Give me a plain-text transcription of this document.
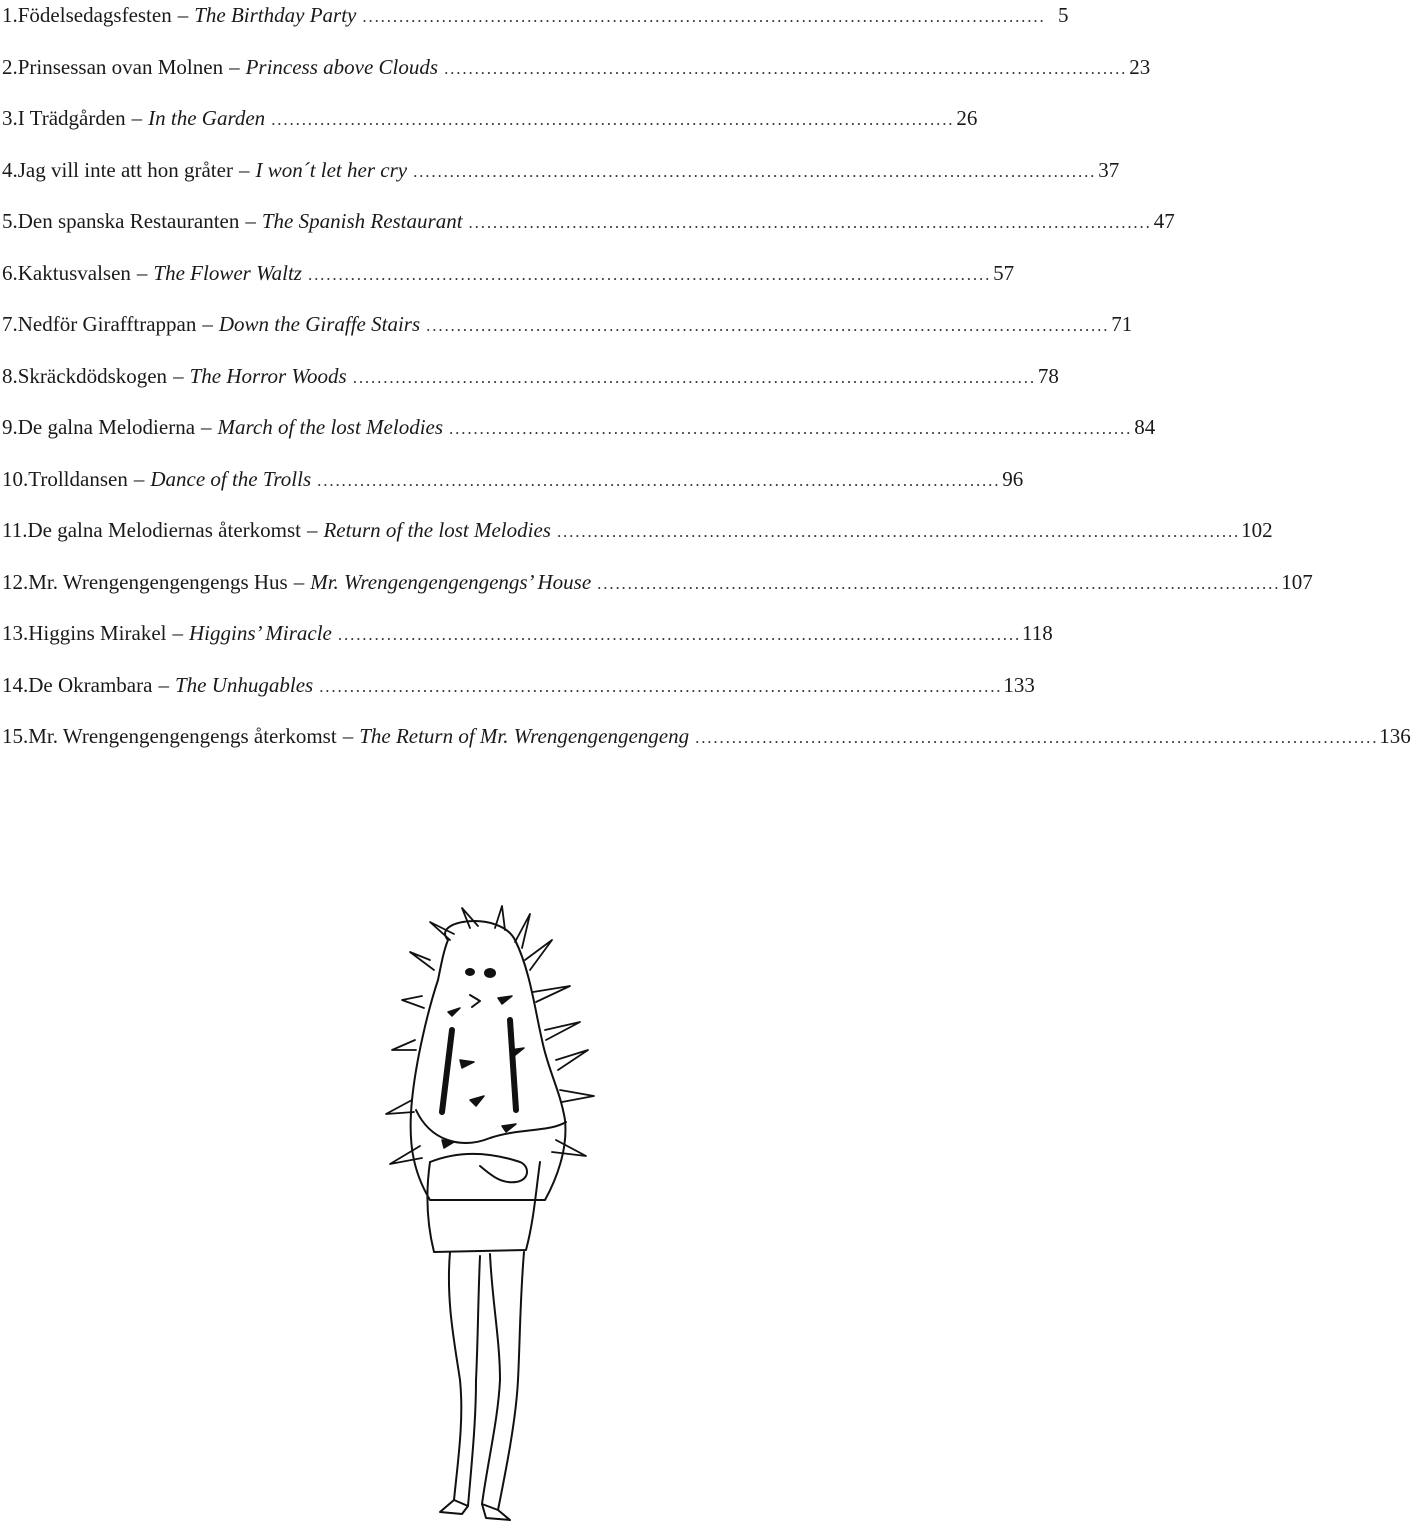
1. Födelsedagsfesten – The Birthday Party . . .	5
2. Prinsessan ovan Molnen – Princess above Clouds . . .	23
3. I Trädgården – In the Garden . . .	26
4. Jag vill inte att hon gråter – I won´t let her cry . . .	37
5. Den spanska Restauranten – The Spanish Restaurant . . .	47
6. Kaktusvalsen – The Flower Waltz . . .	57
7. Nedför Girafftrappan – Down the Giraffe Stairs . . .	71
8. Skräckdödskogen – The Horror Woods . . .	78
9. De galna Melodierna – March of the lost Melodies . . .	84
10. Trolldansen – Dance of the Trolls . . .	96
11. De galna Melodiernas återkomst – Return of the lost Melodies . . .	102
12. Mr. Wrengengengengengs Hus – Mr. Wrengengengengengs’ House . . .	107
13. Higgins Mirakel – Higgins’ Miracle . . .	118
14. De Okrambara – The Unhugables . . .	133
15. Mr. Wrengengengengengs återkomst – The Return of Mr. Wrengengengengeng . . .	136
